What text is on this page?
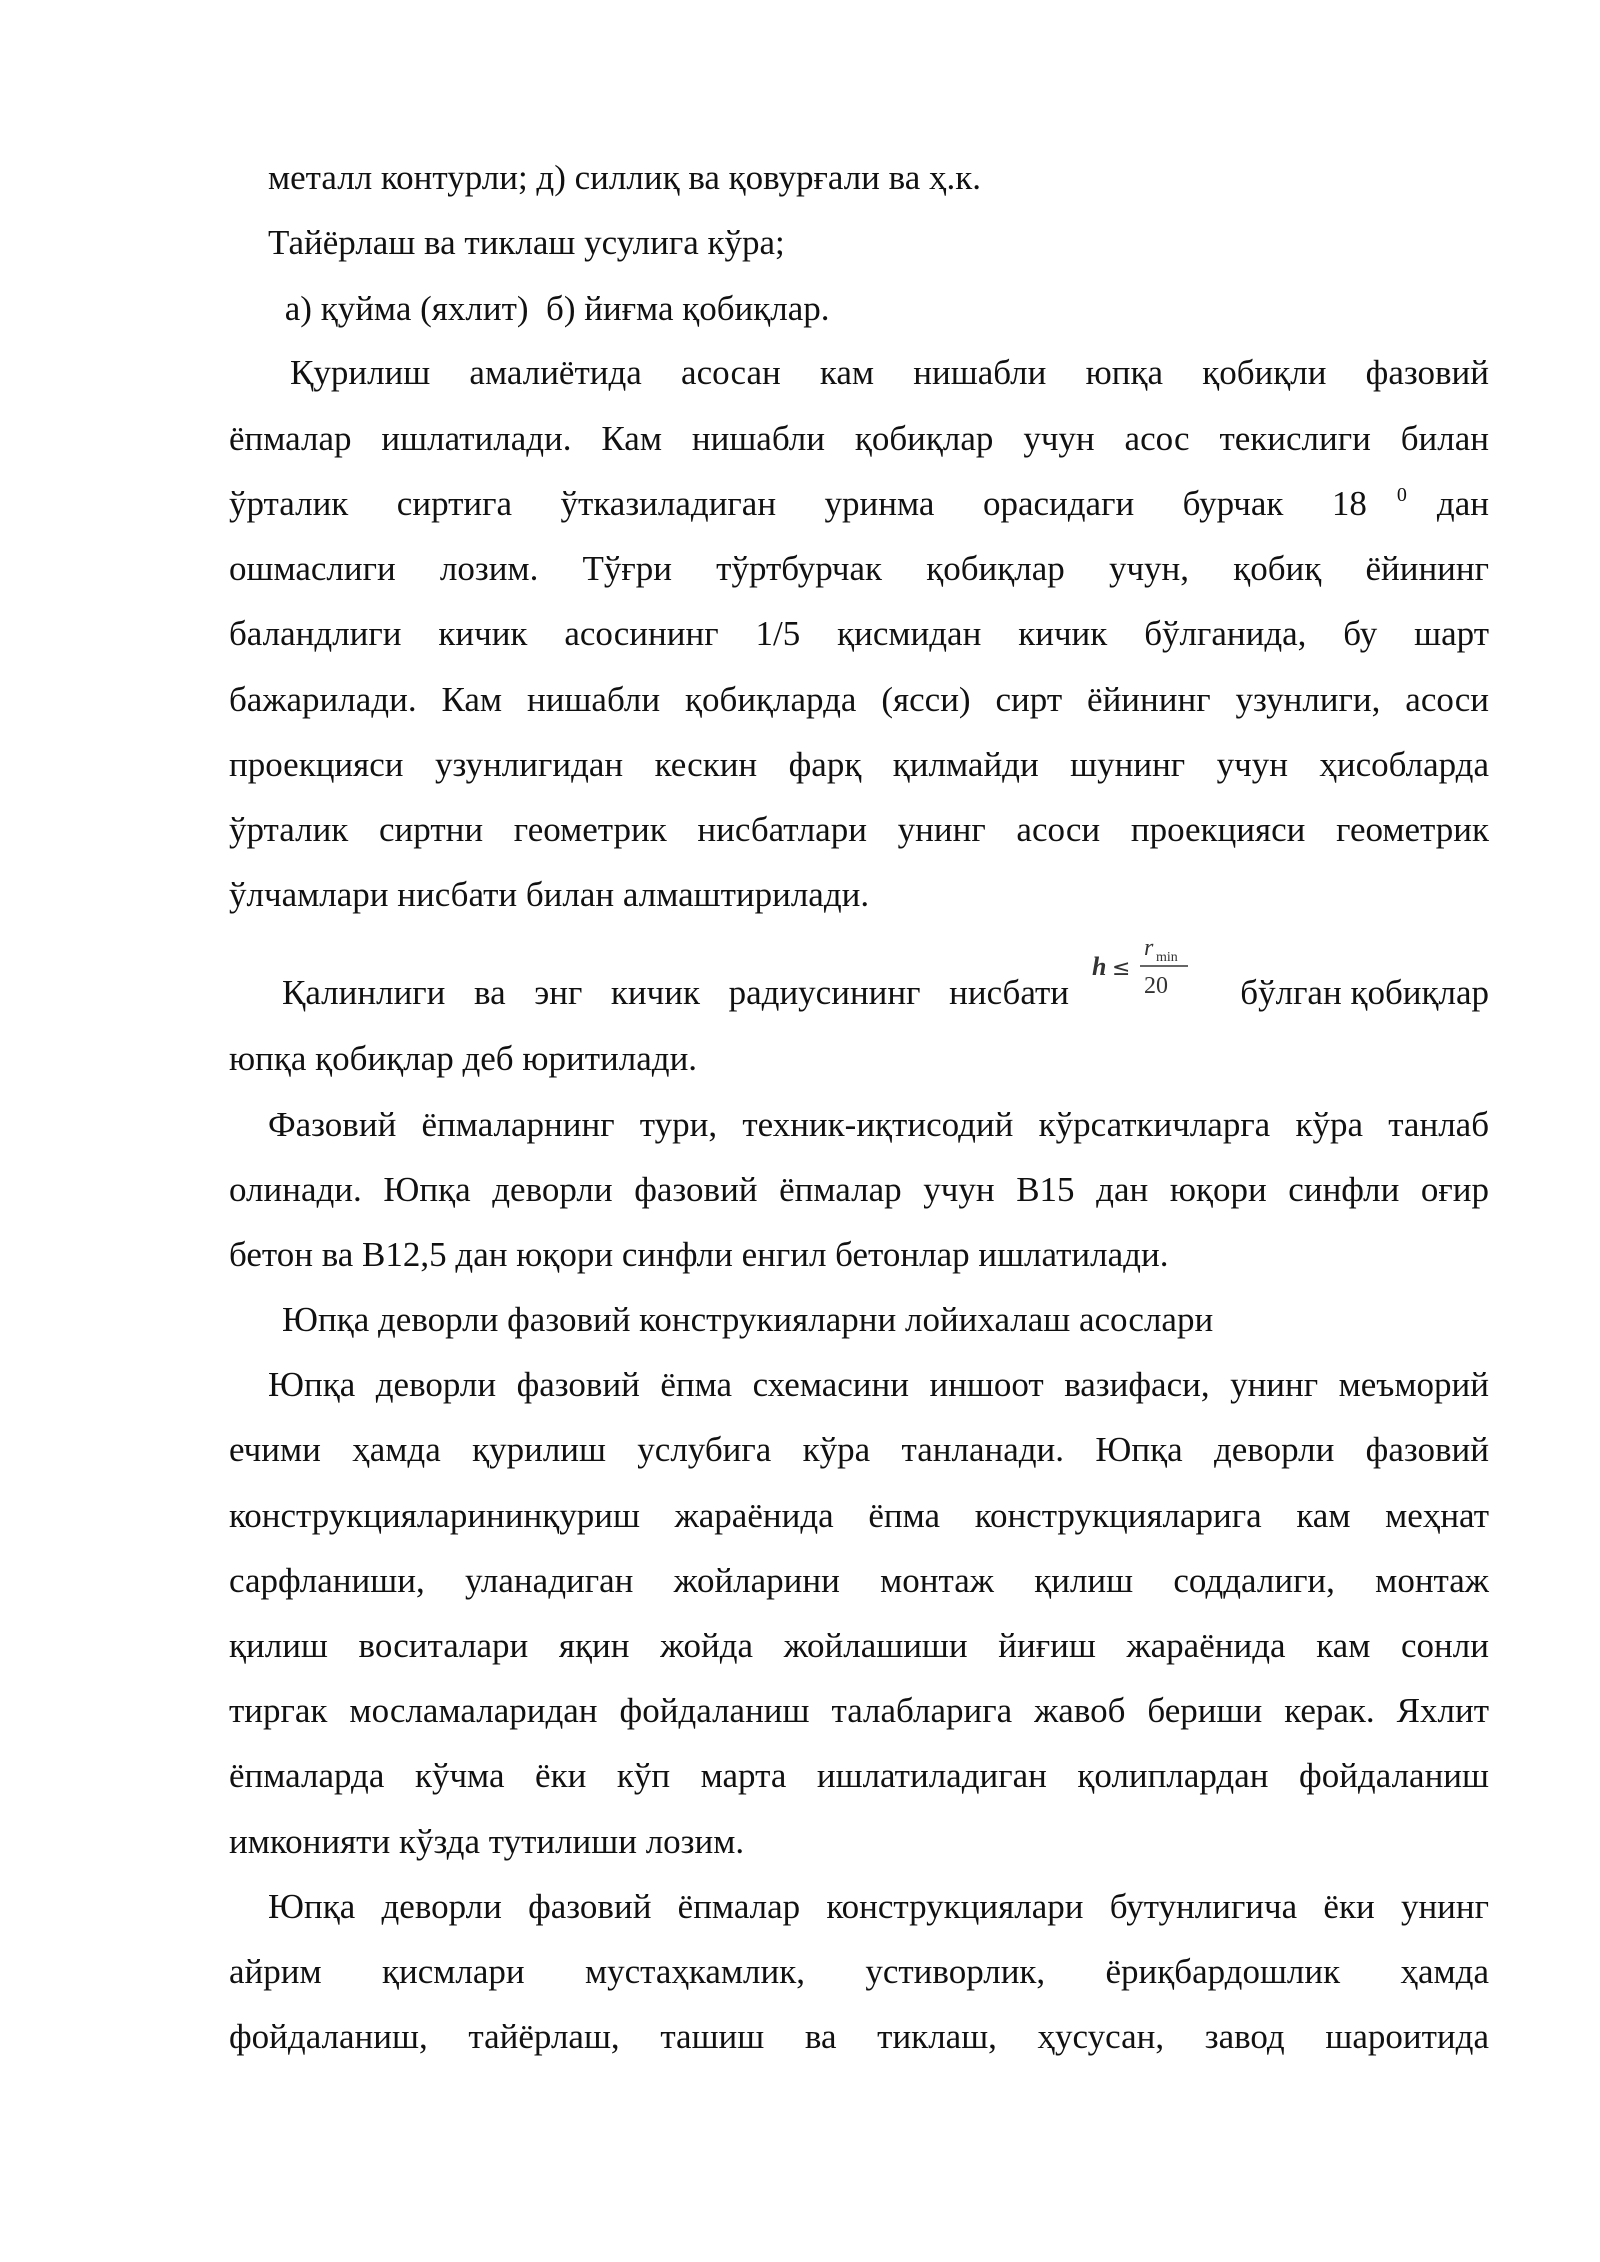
металл контурли; д) силлиқ ва қовурғали ва ҳ.к.
Тайёрлаш ва тиклаш усулига кўра;
а) қуйма (яхлит)  б) йиғма қобиқлар.
Қурилиш амалиётида асосан кам нишабли юпқа қобиқли фазовий
ёпмалар ишлатилади. Кам нишабли қобиқлар учун асос текислиги билан
ўрталик сиртига ўтказиладиган уринма орасидаги бурчак 18	$^0$ дан
ошмаслиги лозим. Тўғри тўртбурчак қобиқлар учун, қобиқ ёйининг
баландлиги кичик асосининг 1/5 қисмидан кичик бўлганида, бу шарт
бажарилади. Кам нишабли қобиқларда (ясси) сирт ёйининг узунлиги, асоси
проекцияси узунлигидан кескин фарқ қилмайди шунинг учун ҳисобларда
ўрталик сиртни геометрик нисбатлари унинг асоси проекцияси геометрик
ўлчамлари нисбати билан алмаштирилади.
Қалинлиги ва энг кичик радиусининг нисбати
h ≤
r min
20	бўлган қобиқлар
юпқа қобиқлар деб юритилади.
Фазовий ёпмаларнинг тури, техник-иқтисодий кўрсаткичларга кўра танлаб
олинади. Юпқа деворли фазовий ёпмалар учун В15 дан юқори синфли оғир
бетон ва В12,5 дан юқори синфли енгил бетонлар ишлатилади.
Юпқа деворли фазовий конструкияларни лойихалаш асослари
Юпқа деворли фазовий ёпма схемасини иншоот вазифаси, унинг меъморий
ечими ҳамда қурилиш услубига кўра танланади. Юпқа деворли фазовий
конструкцияларининқуриш жараёнида ёпма конструкцияларига кам меҳнат
сарфланиши, уланадиган жойларини монтаж қилиш соддалиги, монтаж
қилиш воситалари яқин жойда жойлашиши йиғиш жараёнида кам сонли
тиргак мосламаларидан фойдаланиш талабларига жавоб бериши керак. Яхлит
ёпмаларда кўчма ёки кўп марта ишлатиладиган қолиплардан фойдаланиш
имконияти кўзда тутилиши лозим.
Юпқа деворли фазовий ёпмалар конструкциялари бутунлигича ёки унинг
айрим қисмлари мустаҳкамлик, устиворлик, ёриқбардошлик ҳамда
фойдаланиш, тайёрлаш, ташиш ва тиклаш, ҳусусан, завод шароитида
